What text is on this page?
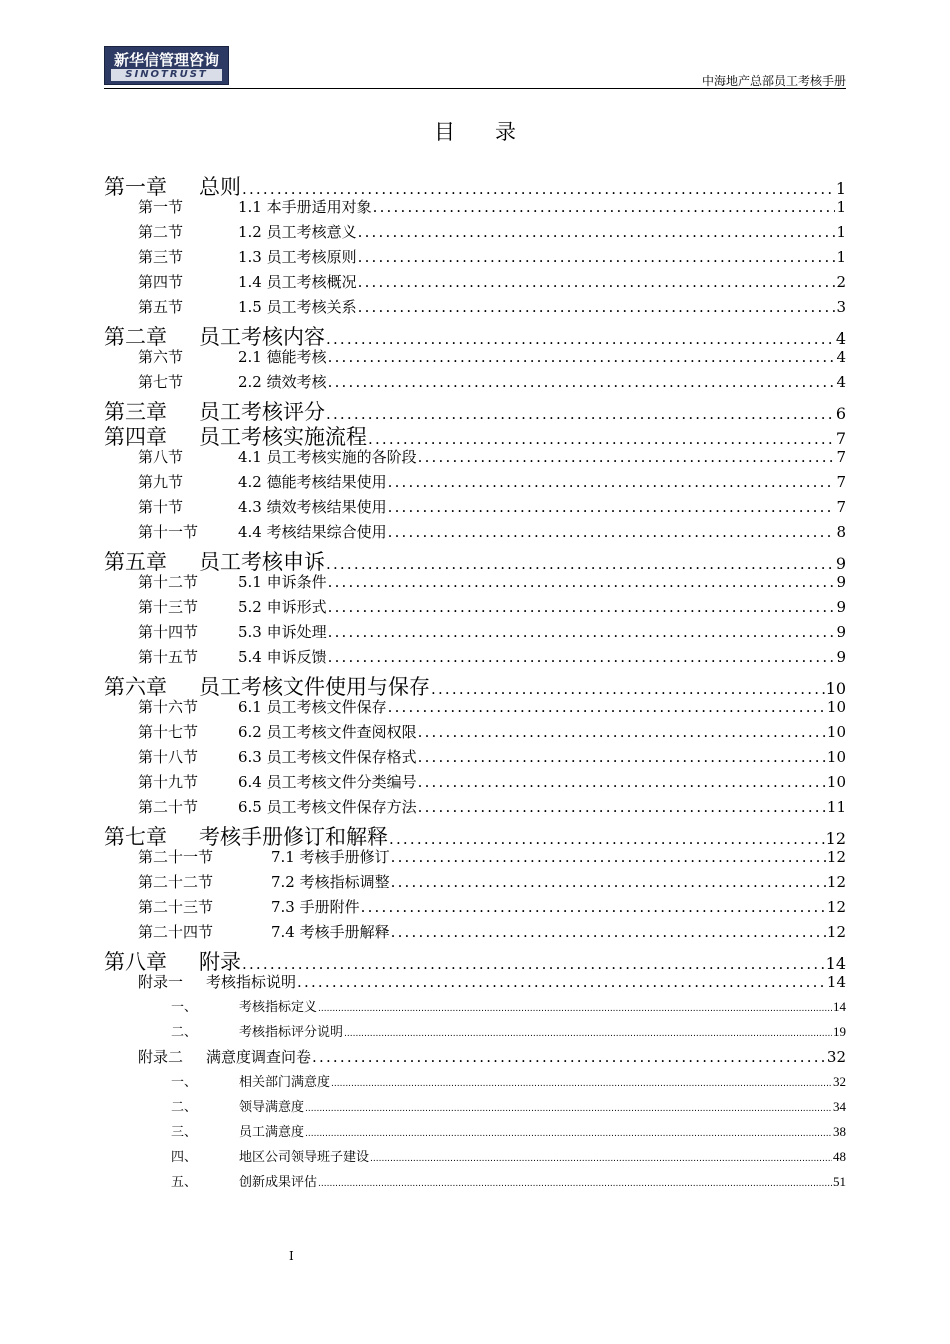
新华信管理咨询
SINOTRUST	中海地产总部员工考核手册
目录
第一章	总则 .....	1
第一节	1.1 本手册适用对象 .....	1
第二节	1.2 员工考核意义 .....	1
第三节	1.3 员工考核原则 .....	1
第四节	1.4 员工考核概况 .....	2
第五节	1.5 员工考核关系 .....	3
第二章	员工考核内容 .....	4
第六节	2.1 德能考核 .....	4
第七节	2.2 绩效考核 .....	4
第三章	员工考核评分 .....	6
第四章	员工考核实施流程 .....	7
第八节	4.1 员工考核实施的各阶段 .....	7
第九节	4.2 德能考核结果使用 .....	7
第十节	4.3 绩效考核结果使用 .....	7
第十一节	4.4 考核结果综合使用 .....	8
第五章	员工考核申诉 .....	9
第十二节	5.1 申诉条件 .....	9
第十三节	5.2 申诉形式 .....	9
第十四节	5.3 申诉处理 .....	9
第十五节	5.4 申诉反馈 .....	9
第六章	员工考核文件使用与保存 .....	10
第十六节	6.1 员工考核文件保存 .....	10
第十七节	6.2 员工考核文件查阅权限 .....	10
第十八节	6.3 员工考核文件保存格式 .....	10
第十九节	6.4 员工考核文件分类编号 .....	10
第二十节	6.5 员工考核文件保存方法 .....	11
第七章	考核手册修订和解释 .....	12
第二十一节	7.1 考核手册修订 .....	12
第二十二节	7.2 考核指标调整 .....	12
第二十三节	7.3 手册附件 .....	12
第二十四节	7.4 考核手册解释 .....	12
第八章	附录 .....	14
附录一	考核指标说明 .....	14
一、	考核指标定义 .....	14
二、	考核指标评分说明 .....	19
附录二	满意度调查问卷 .....	32
一、	相关部门满意度 .....	32
二、	领导满意度 .....	34
三、	员工满意度 .....	38
四、	地区公司领导班子建设 .....	48
五、	创新成果评估 .....	51
I
